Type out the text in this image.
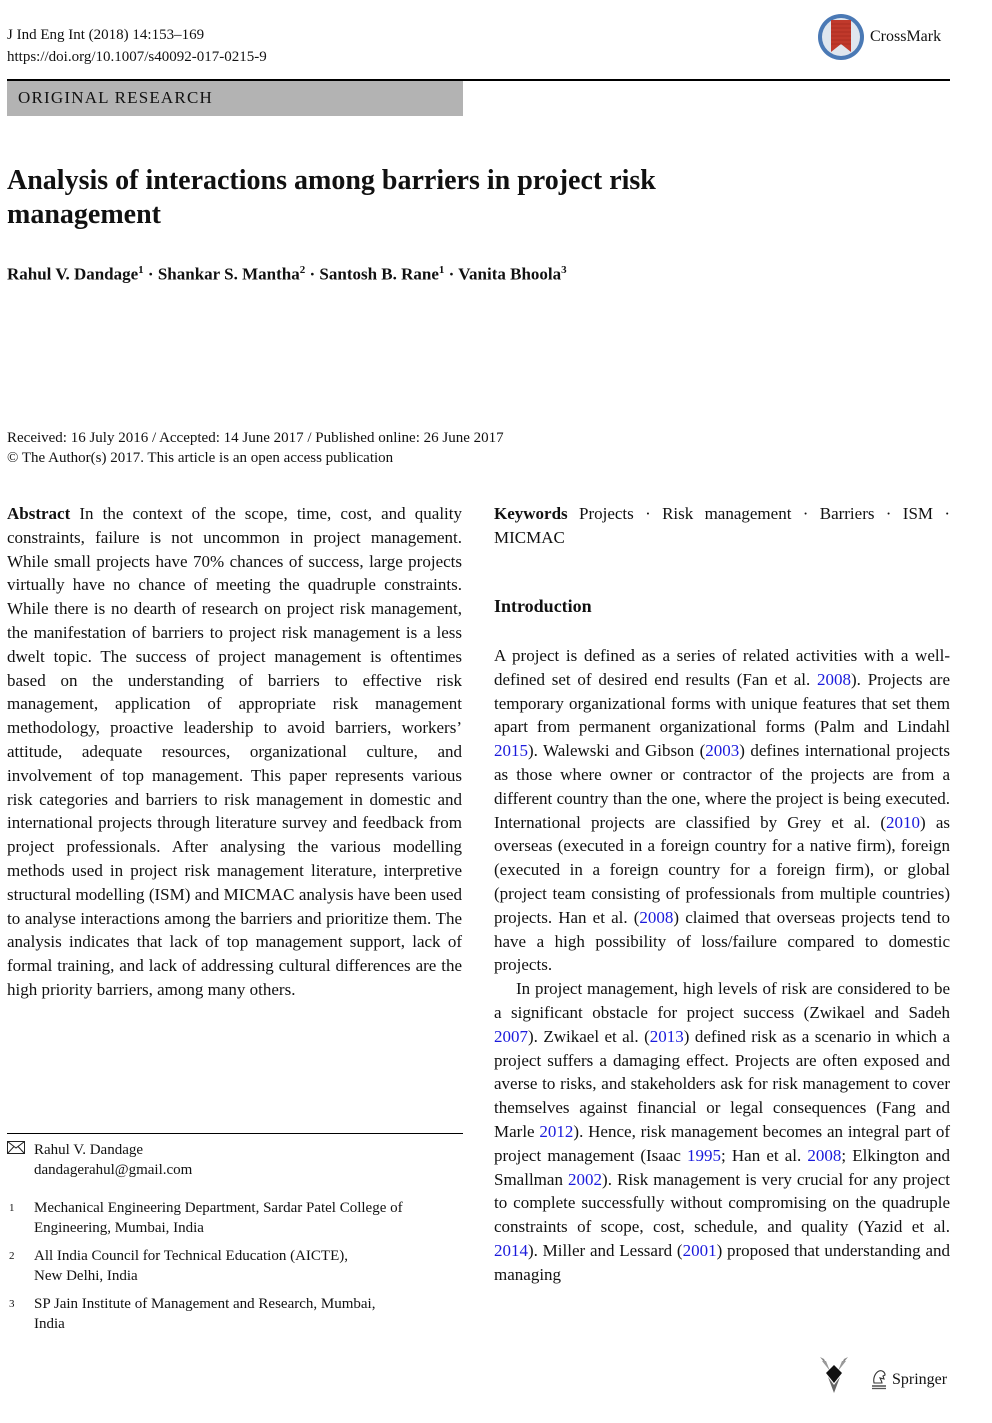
J Ind Eng Int (2018) 14:153–169
https://doi.org/10.1007/s40092-017-0215-9
CrossMark
ORIGINAL RESEARCH
Analysis of interactions among barriers in project risk management
Rahul V. Dandage$^1$ · Shankar S. Mantha$^2$ · Santosh B. Rane$^1$ · Vanita Bhoola$^3$
Received: 16 July 2016 / Accepted: 14 June 2017 / Published online: 26 June 2017
© The Author(s) 2017. This article is an open access publication
Abstract In the context of the scope, time, cost, and quality constraints, failure is not uncommon in project management. While small projects have 70% chances of success, large projects virtually have no chance of meeting the quadruple constraints. While there is no dearth of research on project risk management, the manifestation of barriers to project risk management is a less dwelt topic. The success of project management is oftentimes based on the understanding of barriers to effective risk management, application of appropriate risk management methodology, proactive leadership to avoid barriers, workers’ attitude, adequate resources, organizational culture, and involvement of top management. This paper represents various risk categories and barriers to risk management in domestic and international projects through literature survey and feedback from project professionals. After analysing the various modelling methods used in project risk management literature, interpretive structural modelling (ISM) and MICMAC analysis have been used to analyse interactions among the barriers and prioritize them. The analysis indicates that lack of top management support, lack of formal training, and lack of addressing cultural differences are the high priority barriers, among many others.
Keywords Projects · Risk management · Barriers · ISM · MICMAC
Introduction

A project is defined as a series of related activities with a well-defined set of desired end results (Fan et al. 2008). Projects are temporary organizational forms with unique features that set them apart from permanent organizational forms (Palm and Lindahl 2015). Walewski and Gibson (2003) defines international projects as those where owner or contractor of the projects are from a different country than the one, where the project is being executed. International projects are classified by Grey et al. (2010) as overseas (executed in a foreign country for a native firm), foreign (executed in a foreign country for a foreign firm), or global (project team consisting of professionals from multiple countries) projects. Han et al. (2008) claimed that overseas projects tend to have a high possibility of loss/failure compared to domestic projects.

In project management, high levels of risk are considered to be a significant obstacle for project success (Zwikael and Sadeh 2007). Zwikael et al. (2013) defined risk as a scenario in which a project suffers a damaging effect. Projects are often exposed and averse to risks, and stakeholders ask for risk management to cover themselves against financial or legal consequences (Fang and Marle 2012). Hence, risk management becomes an integral part of project management (Isaac 1995; Han et al. 2008; Elkington and Smallman 2002). Risk management is very crucial for any project to complete successfully without compromising on the quadruple constraints of scope, cost, schedule, and quality (Yazid et al. 2014). Miller and Lessard (2001) proposed that understanding and managing

Rahul V. Dandage
dandagerahul@gmail.com
1 Mechanical Engineering Department, Sardar Patel College of
Engineering, Mumbai, India
2 All India Council for Technical Education (AICTE),
New Delhi, India
3 SP Jain Institute of Management and Research, Mumbai,
India
Springer
